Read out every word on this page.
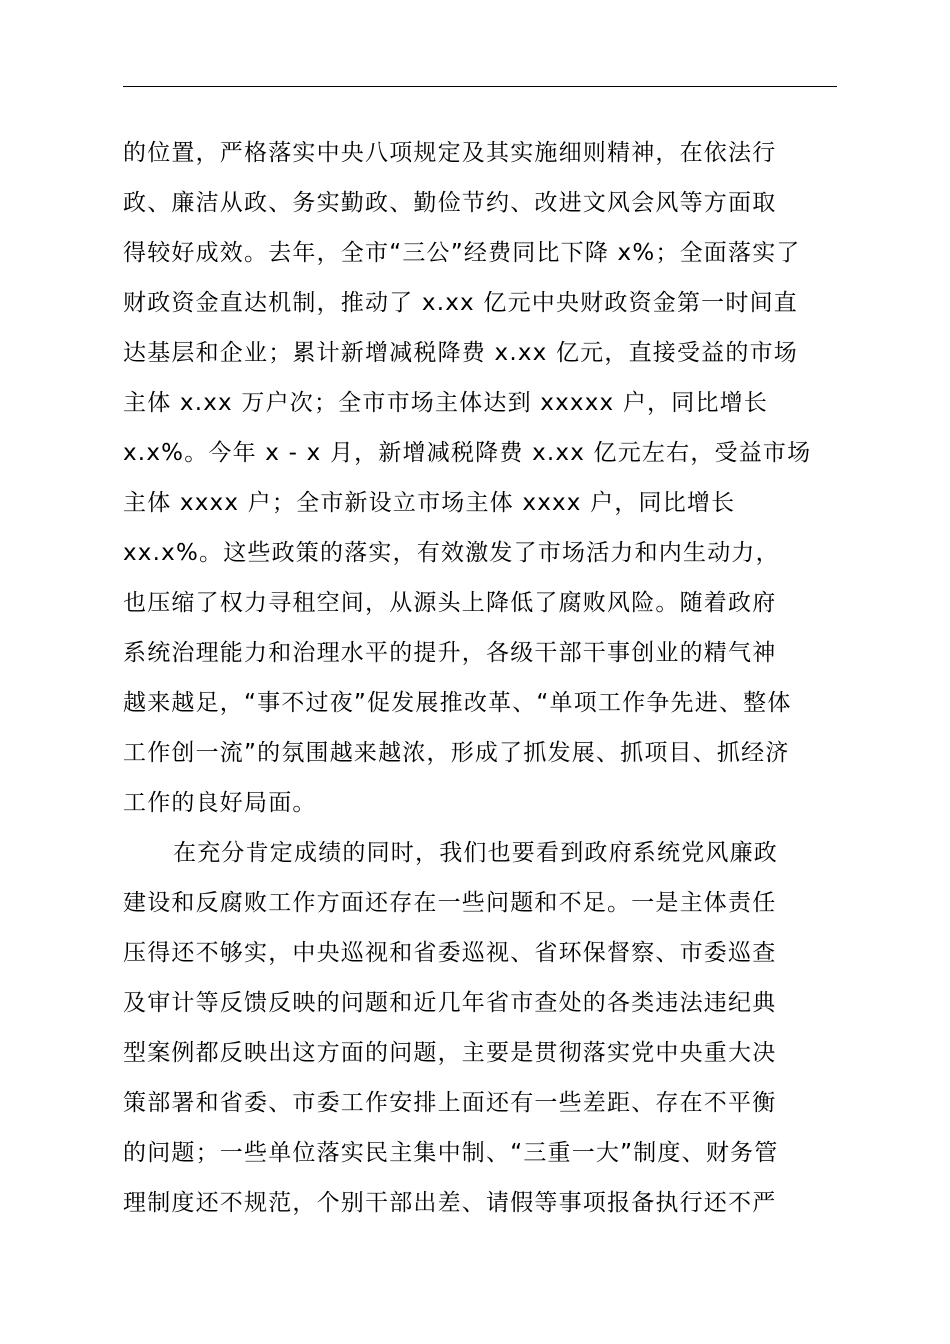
的位置，严格落实中央八项规定及其实施细则精神，在依法行
政、廉洁从政、务实勤政、勤俭节约、改进文风会风等方面取
得较好成效。去年，全市“三公”经费同比下降 x%；全面落实了
财政资金直达机制，推动了 x.xx 亿元中央财政资金第一时间直
达基层和企业；累计新增减税降费 x.xx 亿元，直接受益的市场
主体 x.xx 万户次；全市市场主体达到 xxxxx 户，同比增长
x.x%。今年 x - x 月，新增减税降费 x.xx 亿元左右，受益市场
主体 xxxx 户；全市新设立市场主体 xxxx 户，同比增长
xx.x%。这些政策的落实，有效激发了市场活力和内生动力，
也压缩了权力寻租空间，从源头上降低了腐败风险。随着政府
系统治理能力和治理水平的提升，各级干部干事创业的精气神
越来越足，“事不过夜”促发展推改革、“单项工作争先进、整体
工作创一流”的氛围越来越浓，形成了抓发展、抓项目、抓经济
工作的良好局面。
在充分肯定成绩的同时，我们也要看到政府系统党风廉政
建设和反腐败工作方面还存在一些问题和不足。一是主体责任
压得还不够实，中央巡视和省委巡视、省环保督察、市委巡查
及审计等反馈反映的问题和近几年省市查处的各类违法违纪典
型案例都反映出这方面的问题，主要是贯彻落实党中央重大决
策部署和省委、市委工作安排上面还有一些差距、存在不平衡
的问题；一些单位落实民主集中制、“三重一大”制度、财务管
理制度还不规范，个别干部出差、请假等事项报备执行还不严
